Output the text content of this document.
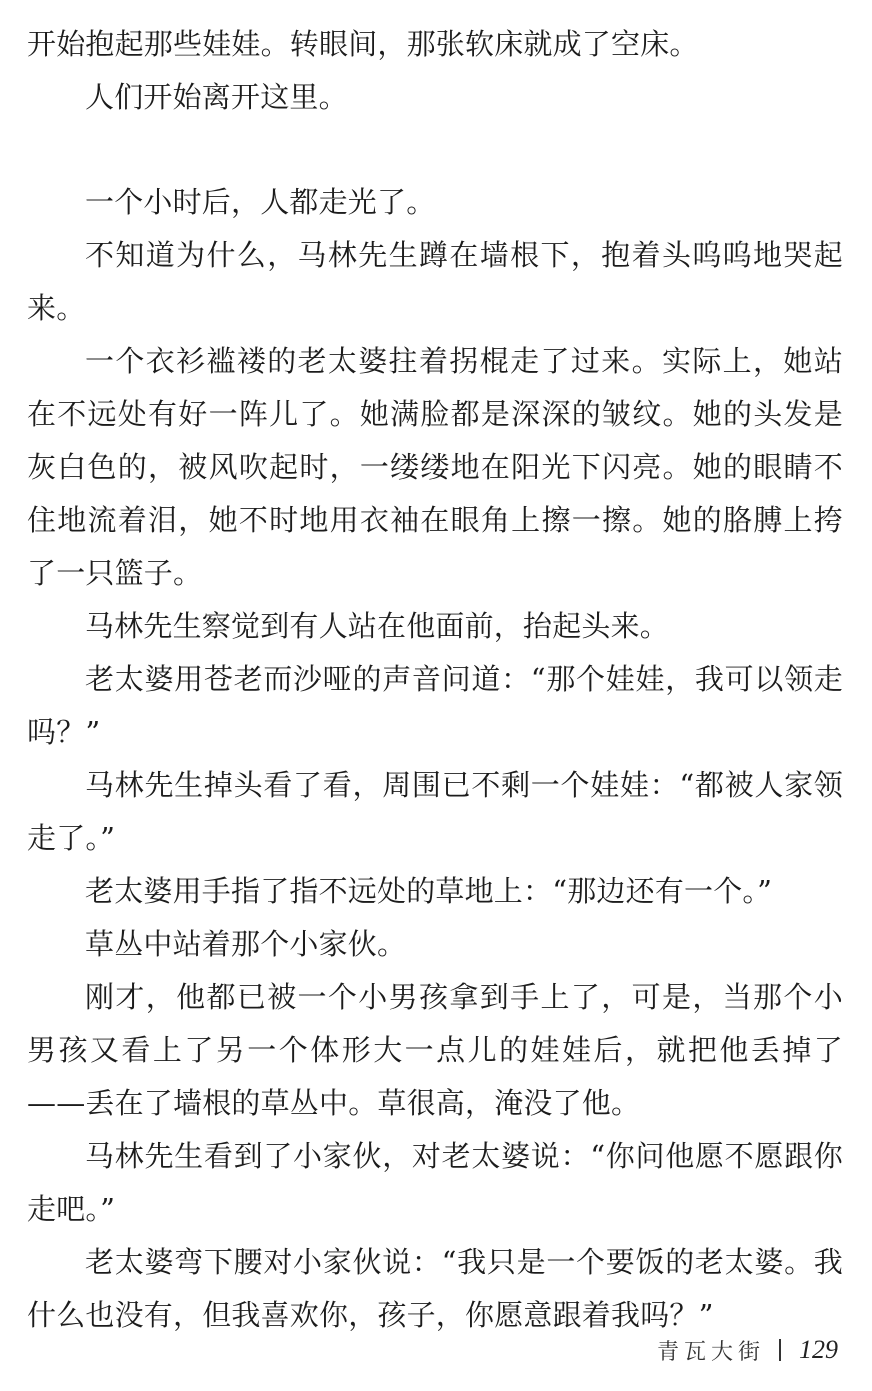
开始抱起那些娃娃。转眼间，那张软床就成了空床。

人们开始离开这里。

一个小时后，人都走光了。

不知道为什么，马林先生蹲在墙根下，抱着头呜呜地哭起来。

一个衣衫褴褛的老太婆拄着拐棍走了过来。实际上，她站在不远处有好一阵儿了。她满脸都是深深的皱纹。她的头发是灰白色的，被风吹起时，一缕缕地在阳光下闪亮。她的眼睛不住地流着泪，她不时地用衣袖在眼角上擦一擦。她的胳膊上挎了一只篮子。

马林先生察觉到有人站在他面前，抬起头来。

老太婆用苍老而沙哑的声音问道：“那个娃娃，我可以领走吗？”

马林先生掉头看了看，周围已不剩一个娃娃：“都被人家领走了。”

老太婆用手指了指不远处的草地上：“那边还有一个。”

草丛中站着那个小家伙。

刚才，他都已被一个小男孩拿到手上了，可是，当那个小男孩又看上了另一个体形大一点儿的娃娃后，就把他丢掉了——丢在了墙根的草丛中。草很高，淹没了他。

马林先生看到了小家伙，对老太婆说：“你问他愿不愿跟你走吧。”

老太婆弯下腰对小家伙说：“我只是一个要饭的老太婆。我什么也没有，但我喜欢你，孩子，你愿意跟着我吗？”

青瓦大街 129
